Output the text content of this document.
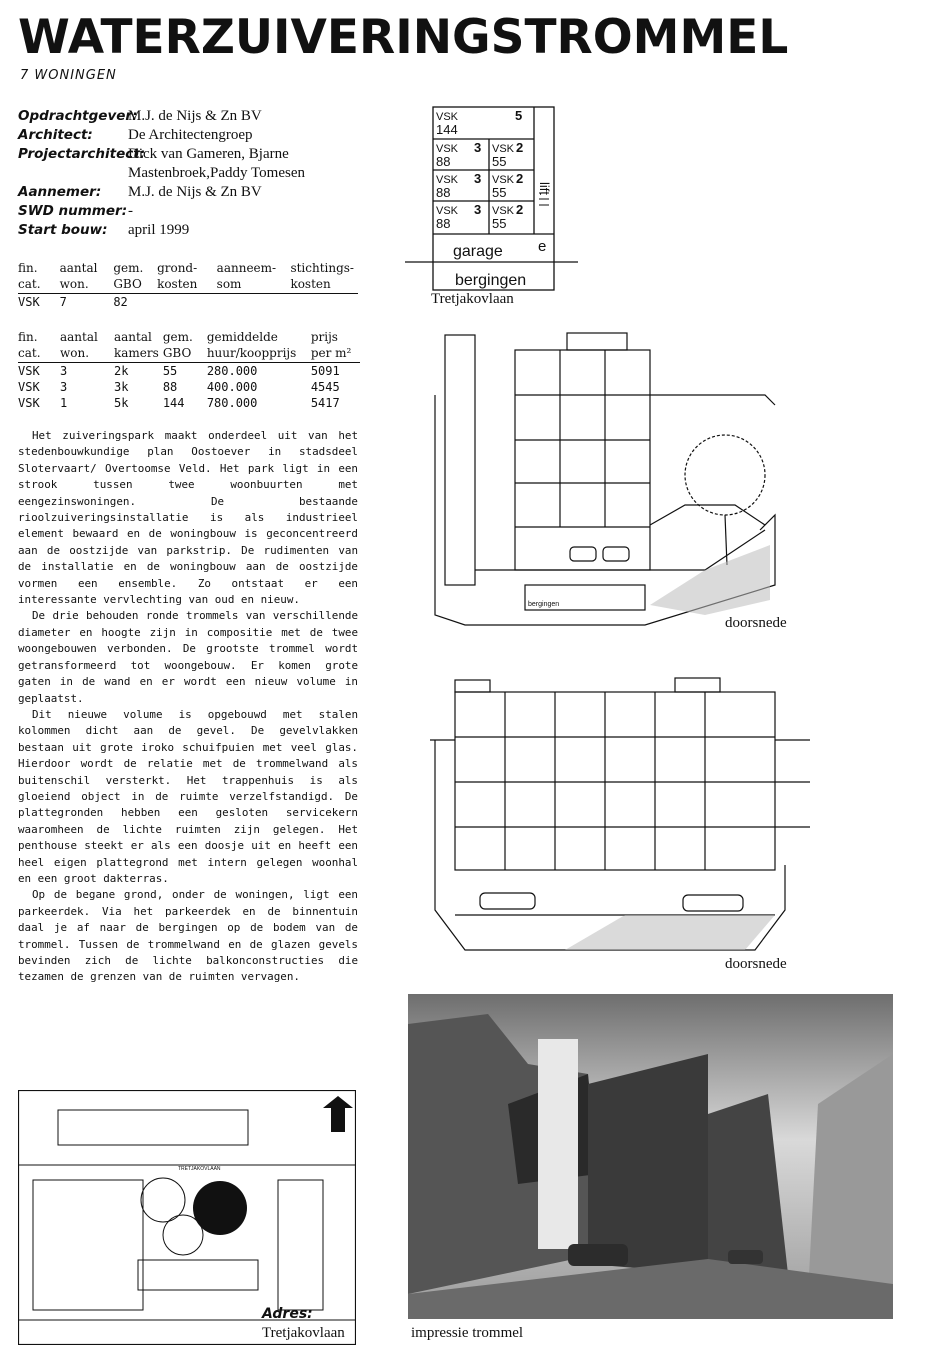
WATERZUIVERINGSTROMMEL
7 WONINGEN
Opdrachtgever:
M.J. de Nijs & Zn BV
Architect:	De Architectengroep
Projectarchitect:
Dick van Gameren, Bjarne Mastenbroek,Paddy Tomesen
Aannemer:	M.J. de Nijs & Zn BV
SWD nummer: -
Start bouw:	april 1999
fin.	aantal	gem.	grond-	aanneem-	stichtings-
cat.	won.	GBO	kosten	som	kosten
VSK	7	82			
fin.	aantal	aantal	gem.	gemiddelde	prijs
cat.	won.	kamers	GBO	huur/koopprijs	per m²
VSK	3	2k	55	280.000	5091
VSK	3	3k	88	400.000	4545
VSK	1	5k	144	780.000	5417

Het zuiveringspark maakt onderdeel uit van het stedenbouwkundige plan Oostoever in stadsdeel Slotervaart/ Overtoomse Veld. Het park ligt in een strook tussen twee woonbuurten met eengezinswoningen. De bestaande rioolzuiveringsinstallatie is als industrieel element bewaard en de woningbouw is geconcentreerd aan de oostzijde van parkstrip. De rudimenten van de installatie en de woningbouw aan de oostzijde vormen een ensemble. Zo ontstaat er een interessante vervlechting van oud en nieuw.

De drie behouden ronde trommels van verschillende diameter en hoogte zijn in compositie met de twee woongebouwen verbonden. De grootste trommel wordt getransformeerd tot woongebouw. Er komen grote gaten in de wand en er wordt een nieuw volume in geplaatst.

Dit nieuwe volume is opgebouwd met stalen kolommen dicht aan de gevel. De gevelvlakken bestaan uit grote iroko schuifpuien met veel glas. Hierdoor wordt de relatie met de trommelwand als buitenschil versterkt. Het trappenhuis is als gloeiend object in de ruimte verzelfstandigd. De plattegronden hebben een gesloten servicekern waaromheen de lichte ruimten zijn gelegen. Het penthouse steekt er als een doosje uit en heeft een heel eigen plattegrond met intern gelegen woonhal en een groot dakterras.

Op de begane grond, onder de woningen, ligt een parkeerdek. Via het parkeerdek en de binnentuin daal je af naar de bergingen op de bodem van de trommel. Tussen de trommelwand en de glazen gevels bevinden zich de lichte balkonconstructies die tezamen de grenzen van de ruimten vervagen.

VSK	5
144
VSK 3
88
VSK 2
55
VSK 3
88
VSK 2
55
VSK 3
88
VSK 2
55
lift
e
garage
bergingen
Tretjakovlaan
bergingen
doorsnede
doorsnede
TRETJAKOVLAAN
Adres:
Tretjakovlaan	impressie trommel
